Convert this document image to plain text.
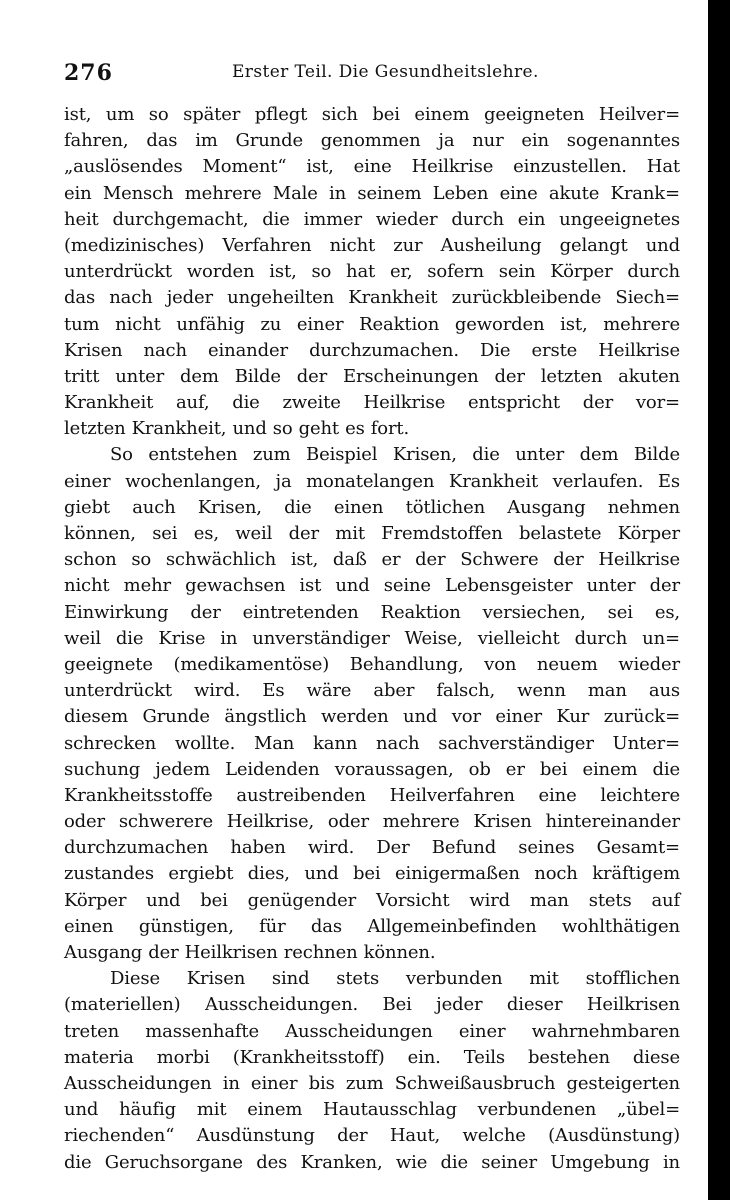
276	Erster Teil. Die Gesundheitslehre.
ist, um so später pflegt sich bei einem geeigneten Heilver=
fahren, das im Grunde genommen ja nur ein sogenanntes
„auslösendes Moment“ ist, eine Heilkrise einzustellen. Hat
ein Mensch mehrere Male in seinem Leben eine akute Krank=
heit durchgemacht, die immer wieder durch ein ungeeignetes
(medizinisches) Verfahren nicht zur Ausheilung gelangt und
unterdrückt worden ist, so hat er, sofern sein Körper durch
das nach jeder ungeheilten Krankheit zurückbleibende Siech=
tum nicht unfähig zu einer Reaktion geworden ist, mehrere
Krisen nach einander durchzumachen. Die erste Heilkrise
tritt unter dem Bilde der Erscheinungen der letzten akuten
Krankheit auf, die zweite Heilkrise entspricht der vor=
letzten Krankheit, und so geht es fort.
So entstehen zum Beispiel Krisen, die unter dem Bilde
einer wochenlangen, ja monatelangen Krankheit verlaufen. Es
giebt auch Krisen, die einen tötlichen Ausgang nehmen
können, sei es, weil der mit Fremdstoffen belastete Körper
schon so schwächlich ist, daß er der Schwere der Heilkrise
nicht mehr gewachsen ist und seine Lebensgeister unter der
Einwirkung der eintretenden Reaktion versiechen, sei es,
weil die Krise in unverständiger Weise, vielleicht durch un=
geeignete (medikamentöse) Behandlung, von neuem wieder
unterdrückt wird. Es wäre aber falsch, wenn man aus
diesem Grunde ängstlich werden und vor einer Kur zurück=
schrecken wollte. Man kann nach sachverständiger Unter=
suchung jedem Leidenden voraussagen, ob er bei einem die
Krankheitsstoffe austreibenden Heilverfahren eine leichtere
oder schwerere Heilkrise, oder mehrere Krisen hintereinander
durchzumachen haben wird. Der Befund seines Gesamt=
zustandes ergiebt dies, und bei einigermaßen noch kräftigem
Körper und bei genügender Vorsicht wird man stets auf
einen günstigen, für das Allgemeinbefinden wohlthätigen
Ausgang der Heilkrisen rechnen können.
Diese Krisen sind stets verbunden mit stofflichen
(materiellen) Ausscheidungen. Bei jeder dieser Heilkrisen
treten massenhafte Ausscheidungen einer wahrnehmbaren
materia morbi (Krankheitsstoff) ein. Teils bestehen diese
Ausscheidungen in einer bis zum Schweißausbruch gesteigerten
und häufig mit einem Hautausschlag verbundenen „übel=
riechenden“ Ausdünstung der Haut, welche (Ausdünstung)
die Geruchsorgane des Kranken, wie die seiner Umgebung in
